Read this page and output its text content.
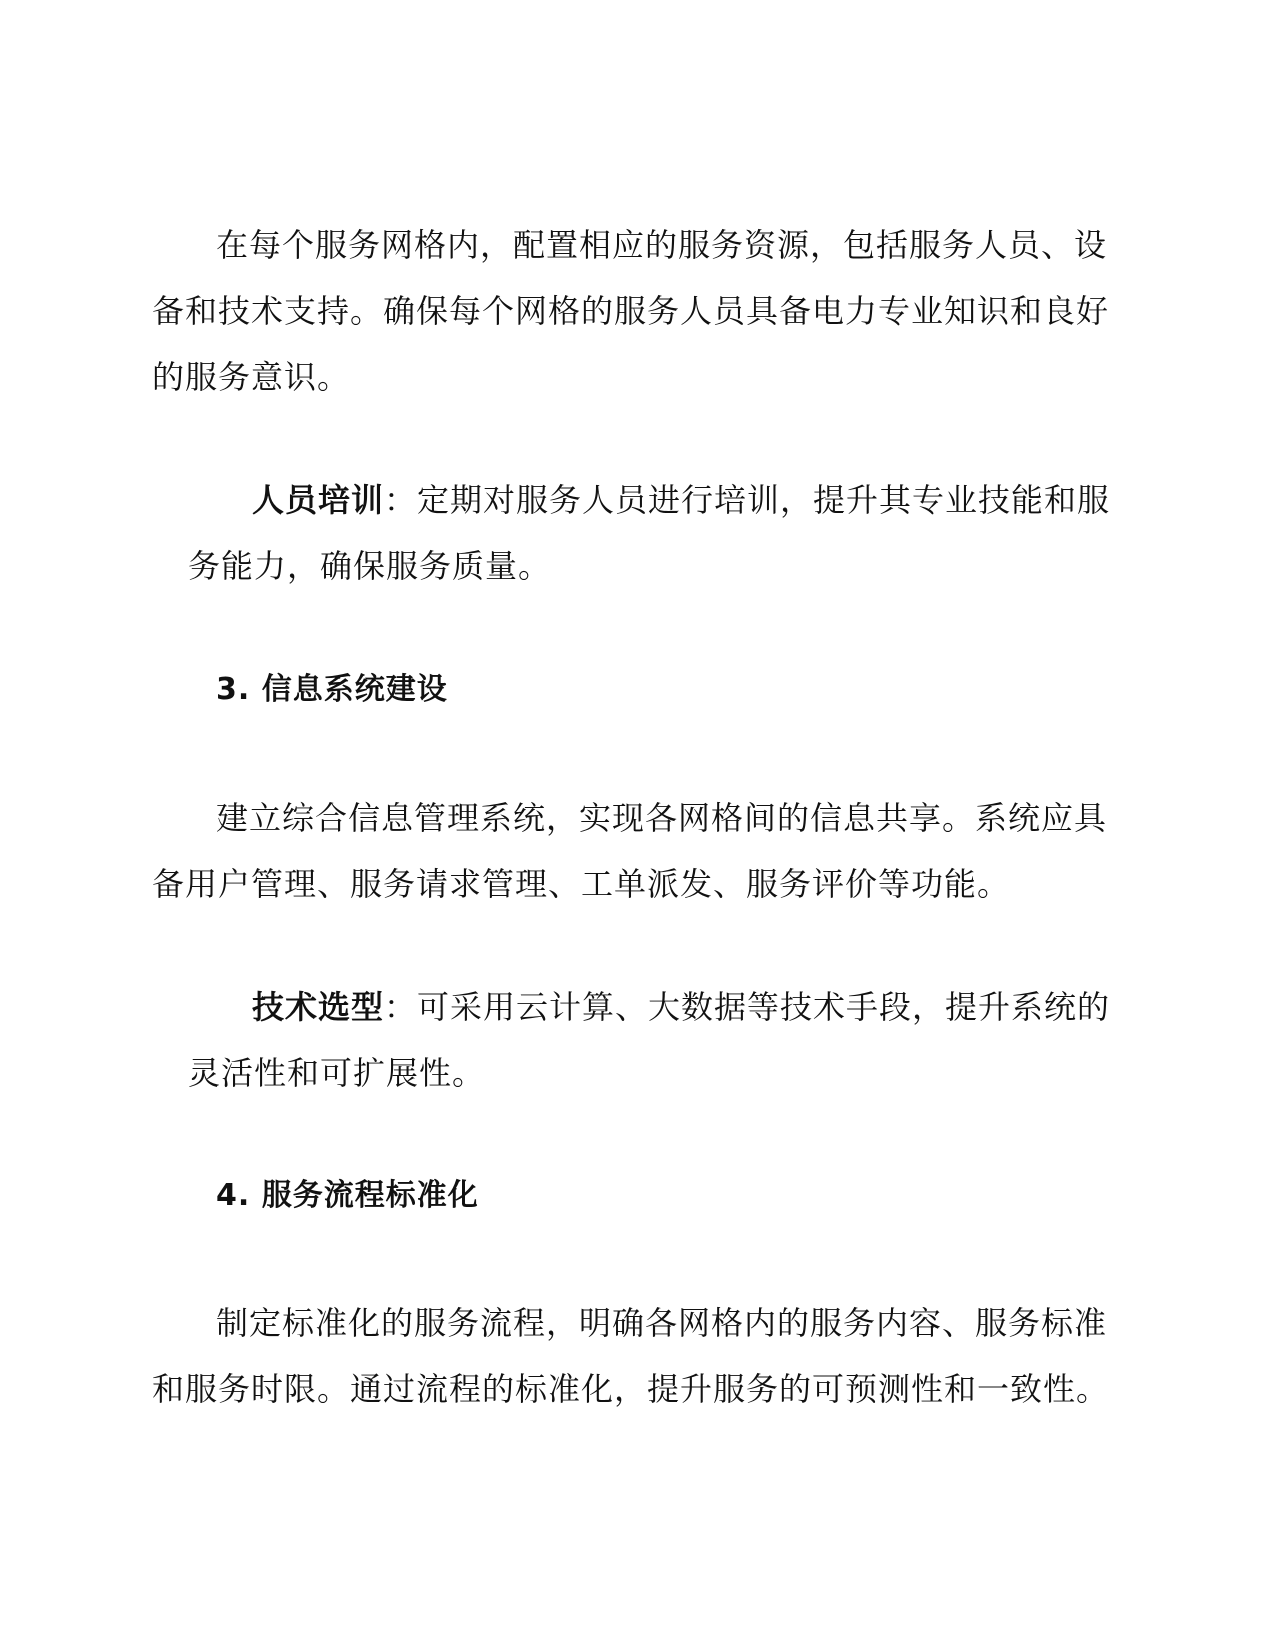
在每个服务网格内，配置相应的服务资源，包括服务人员、设备和技术支持。确保每个网格的服务人员具备电力专业知识和良好的服务意识。

人员培训：定期对服务人员进行培训，提升其专业技能和服务能力，确保服务质量。

3. 信息系统建设

建立综合信息管理系统，实现各网格间的信息共享。系统应具备用户管理、服务请求管理、工单派发、服务评价等功能。

技术选型：可采用云计算、大数据等技术手段，提升系统的灵活性和可扩展性。

4. 服务流程标准化

制定标准化的服务流程，明确各网格内的服务内容、服务标准和服务时限。通过流程的标准化，提升服务的可预测性和一致性。
